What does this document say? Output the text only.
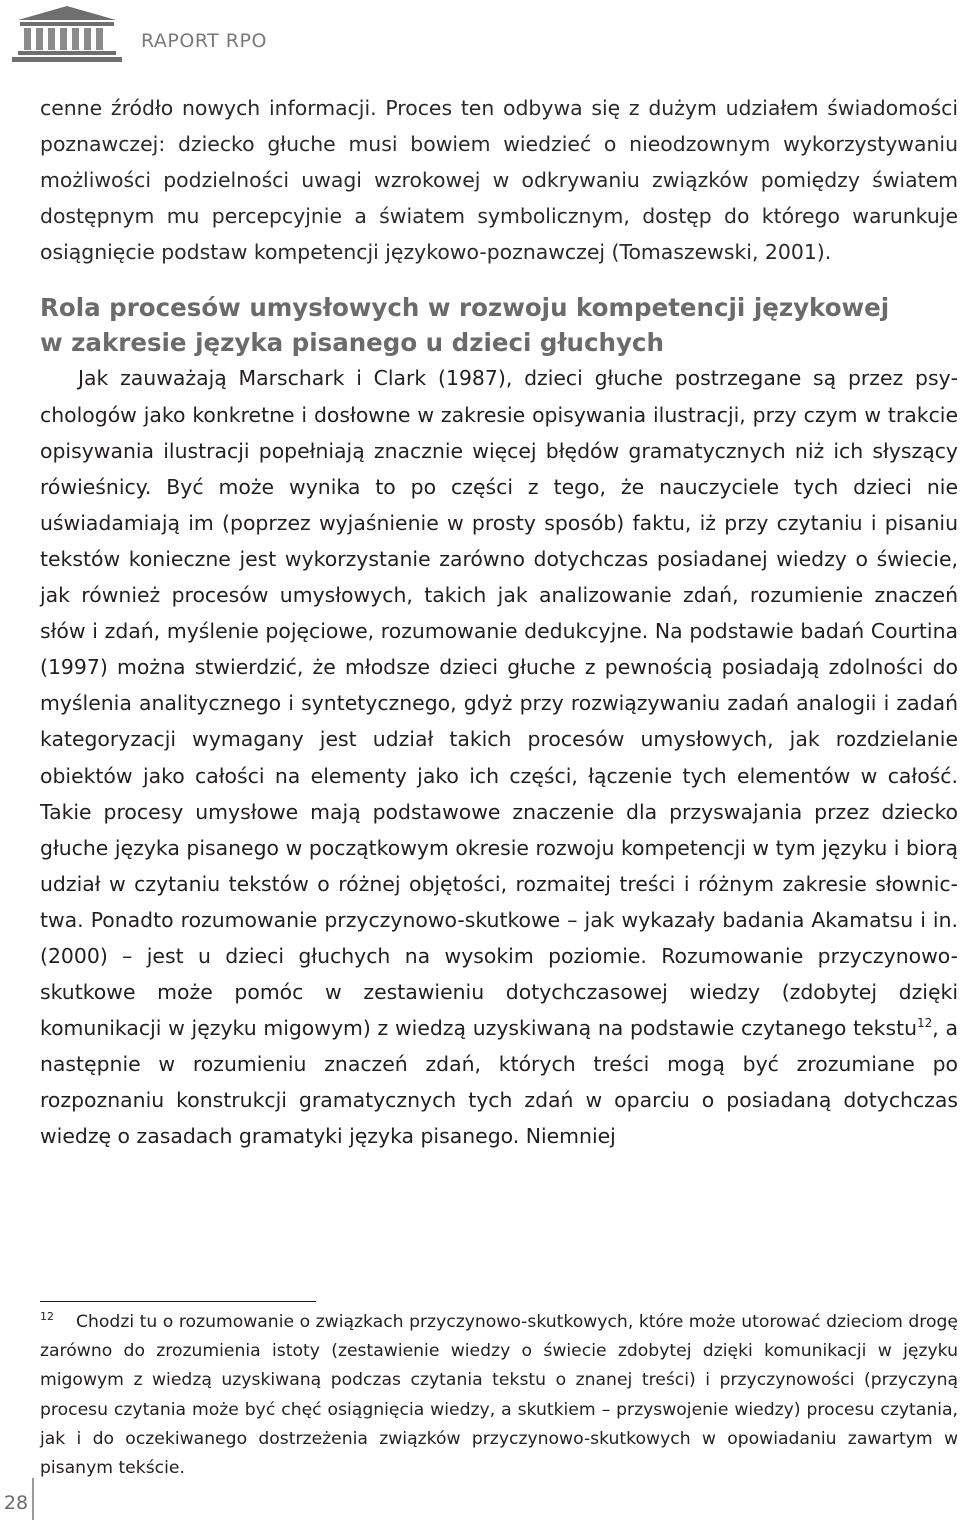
RAPORT RPO

cenne źródło nowych informacji. Proces ten odbywa się z dużym udziałem świadomości poznawczej: dziecko głuche musi bowiem wiedzieć o nieodzownym wykorzystywaniu możliwości podzielności uwagi wzrokowej w odkrywaniu związków pomiędzy światem dostępnym mu percepcyjnie a światem symbolicznym, dostęp do którego warunkuje osiągnięcie podstaw kompetencji językowo-poznawczej (Tomaszewski, 2001).

Rola procesów umysłowych w rozwoju kompetencji językowej
w zakresie języka pisanego u dzieci głuchych

Jak zauważają Marschark i Clark (1987), dzieci głuche postrzegane są przez psychologów jako konkretne i dosłowne w zakresie opisywania ilustracji, przy czym w trakcie opisywania ilustracji popełniają znacznie więcej błędów gramatycznych niż ich słyszący rówieśnicy. Być może wynika to po części z tego, że nauczyciele tych dzieci nie uświadamiają im (poprzez wyjaśnienie w prosty sposób) faktu, iż przy czytaniu i pisaniu tekstów konieczne jest wykorzystanie zarówno dotychczas posiadanej wiedzy o świecie, jak również procesów umysłowych, takich jak analizowanie zdań, rozumienie znaczeń słów i zdań, myślenie pojęciowe, rozumowanie dedukcyjne. Na podstawie badań Courtina (1997) można stwierdzić, że młodsze dzieci głuche z pewnością posiadają zdolności do myślenia analitycznego i syntetycznego, gdyż przy rozwiązywaniu zadań analogii i zadań kategoryzacji wymagany jest udział takich procesów umysłowych, jak rozdzielanie obiektów jako całości na elementy jako ich części, łączenie tych elementów w całość. Takie procesy umysłowe mają podstawowe znaczenie dla przyswajania przez dziecko głuche języka pisanego w początkowym okresie rozwoju kompetencji w tym języku i biorą udział w czytaniu tekstów o różnej objętości, rozmaitej treści i różnym zakresie słownictwa. Ponadto rozumowanie przyczynowo-skutkowe – jak wykazały badania Akamatsu i in. (2000) – jest u dzieci głuchych na wysokim poziomie. Rozumowanie przyczynowo-skutkowe może pomóc w zestawieniu dotychczasowej wiedzy (zdobytej dzięki komunikacji w języku migowym) z wiedzą uzyskiwaną na podstawie czytanego tekstu$^{12}$, a następnie w rozumieniu znaczeń zdań, których treści mogą być zrozumiane po rozpoznaniu konstrukcji gramatycznych tych zdań w oparciu o posiadaną dotychczas wiedzę o zasadach gramatyki języka pisanego. Niemniej

$^{12}$ Chodzi tu o rozumowanie o związkach przyczynowo-skutkowych, które może utorować dzieciom drogę zarówno do zrozumienia istoty (zestawienie wiedzy o świecie zdobytej dzięki komunikacji w języku migowym z wiedzą uzyskiwaną podczas czytania tekstu o znanej treści) i przyczynowości (przyczyną procesu czytania może być chęć osiągnięcia wiedzy, a skutkiem – przyswojenie wiedzy) procesu czytania, jak i do oczekiwanego dostrzeżenia związków przyczynowo-skutkowych w opowiadaniu zawartym w pisanym tekście.

28
